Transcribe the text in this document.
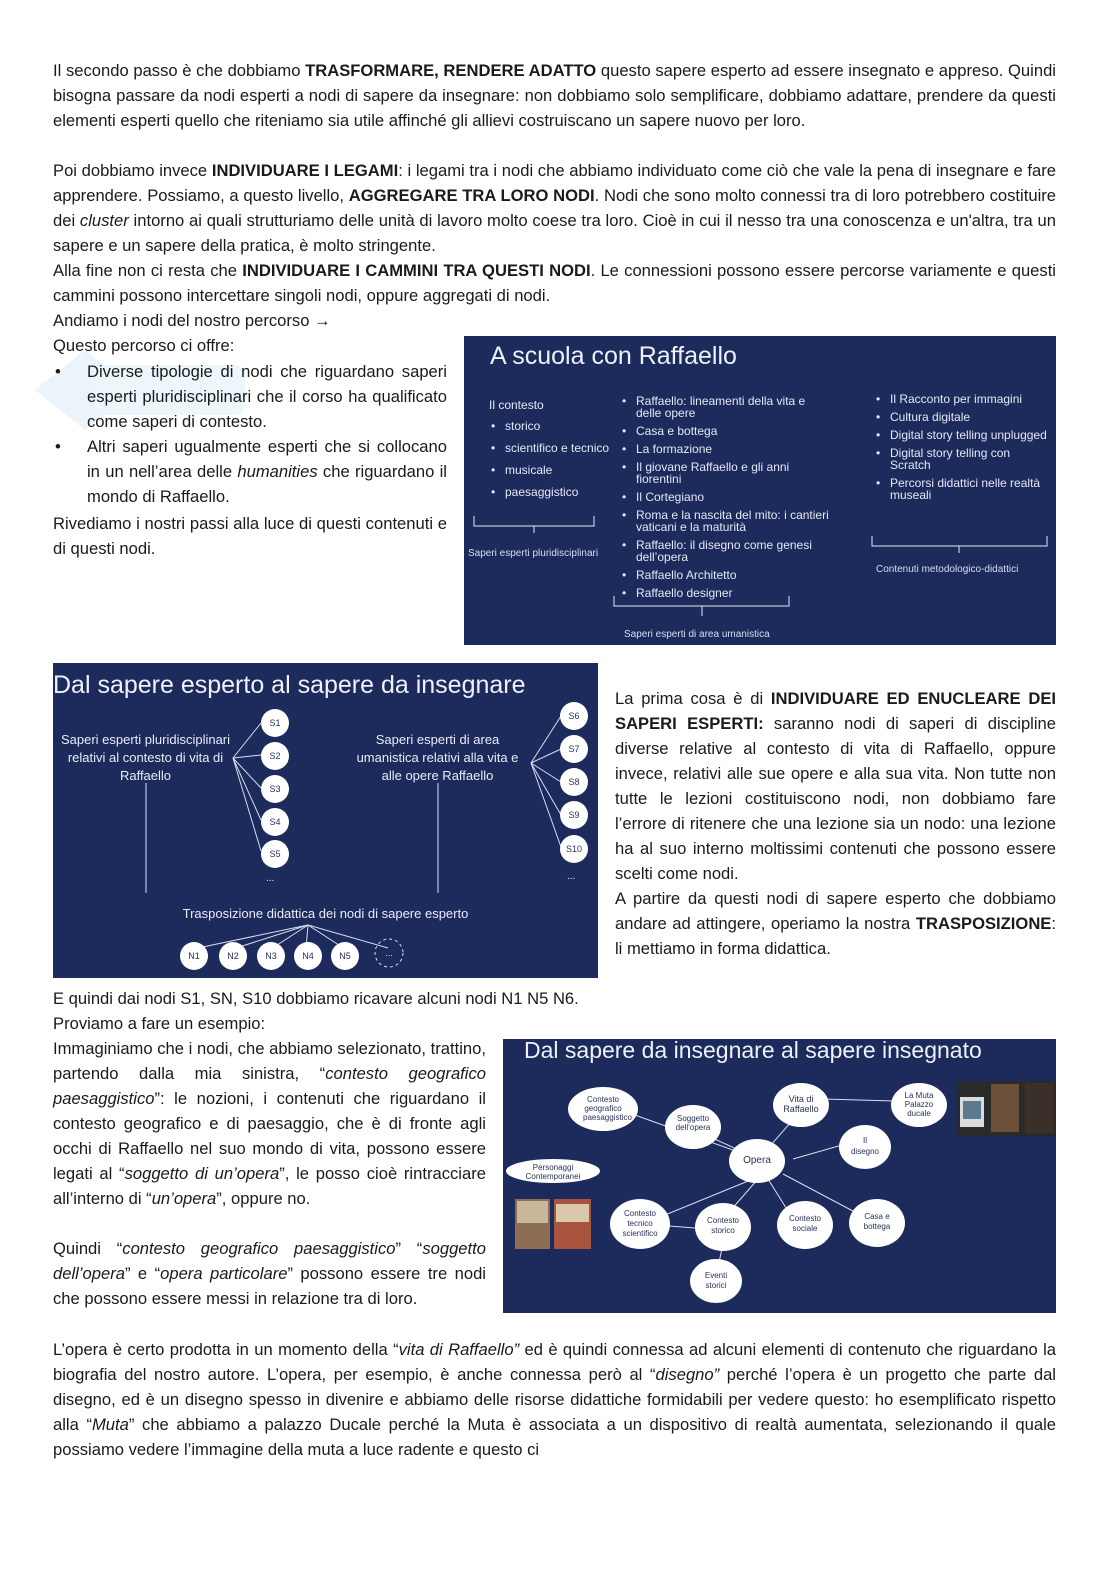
Il secondo passo è che dobbiamo TRASFORMARE, RENDERE ADATTO questo sapere esperto ad essere insegnato e appreso. Quindi bisogna passare da nodi esperti a nodi di sapere da insegnare: non dobbiamo solo semplificare, dobbiamo adattare, prendere da questi elementi esperti quello che riteniamo sia utile affinché gli allievi costruiscano un sapere nuovo per loro.

Poi dobbiamo invece INDIVIDUARE I LEGAMI: i legami tra i nodi che abbiamo individuato come ciò che vale la pena di insegnare e fare apprendere. Possiamo, a questo livello, AGGREGARE TRA LORO NODI. Nodi che sono molto connessi tra di loro potrebbero costituire dei cluster intorno ai quali strutturiamo delle unità di lavoro molto coese tra loro. Cioè in cui il nesso tra una conoscenza e un'altra, tra un sapere e un sapere della pratica, è molto stringente.

Alla fine non ci resta che INDIVIDUARE I CAMMINI TRA QUESTI NODI. Le connessioni possono essere percorse variamente e questi cammini possono intercettare singoli nodi, oppure aggregati di nodi.

Andiamo i nodi del nostro percorso →

Questo percorso ci offre:

• Diverse tipologie di nodi che riguardano saperi esperti pluridisciplinari che il corso ha qualificato come saperi di contesto.
• Altri saperi ugualmente esperti che si collocano in un nell’area delle humanities che riguardano il mondo di Raffaello.

Rivediamo i nostri passi alla luce di questi contenuti e di questi nodi.

A scuola con Raffaello
Il contesto
• storico
• scientifico e tecnico
• musicale
• paesaggistico
Saperi esperti pluridisciplinari
• Raffaello: lineamenti della vita e delle opere
• Casa e bottega
• La formazione
• Il giovane Raffaello e gli anni fiorentini
• Il Cortegiano
• Roma e la nascita del mito: i cantieri vaticani e la maturità
• Raffaello: il disegno come genesi dell’opera
• Raffaello Architetto
• Raffaello designer
Saperi esperti di area umanistica
• Il Racconto per immagini
• Cultura digitale
• Digital story telling unplugged
• Digital story telling con Scratch
• Percorsi didattici nelle realtà museali
Contenuti metodologico-didattici
Dal sapere esperto al sapere da insegnare
Saperi esperti pluridisciplinari relativi al contesto di vita di Raffaello
Saperi esperti di area umanistica relativi alla vita e alle opere Raffaello
S1
S2
S3
S4
S5
S6
S7
S8
S9
S10
...	...
Trasposizione didattica dei nodi di sapere esperto
N1	N2	N3	N4	N5	...

La prima cosa è di INDIVIDUARE ED ENUCLEARE DEI SAPERI ESPERTI: saranno nodi di saperi di discipline diverse relative al contesto di vita di Raffaello, oppure invece, relativi alle sue opere e alla sua vita. Non tutte non tutte le lezioni costituiscono nodi, non dobbiamo fare l’errore di ritenere che una lezione sia un nodo: una lezione ha al suo interno moltissimi contenuti che possono essere scelti come nodi.

A partire da questi nodi di sapere esperto che dobbiamo andare ad attingere, operiamo la nostra TRASPOSIZIONE: li mettiamo in forma didattica.

E quindi dai nodi S1, SN, S10 dobbiamo ricavare alcuni nodi N1 N5 N6.

Proviamo a fare un esempio:

Immaginiamo che i nodi, che abbiamo selezionato, trattino, partendo dalla mia sinistra, “contesto geografico paesaggistico”: le nozioni, i contenuti che riguardano il contesto geografico e di paesaggio, che è di fronte agli occhi di Raffaello nel suo mondo di vita, possono essere legati al “soggetto di un’opera”, le posso cioè rintracciare all’interno di “un’opera”, oppure no.

Quindi “contesto geografico paesaggistico” “soggetto dell’opera” e “opera particolare” possono essere tre nodi che possono essere messi in relazione tra di loro.

Dal sapere da insegnare al sapere insegnato
Contesto geografico paesaggistico	Soggetto dell’opera
Vita di Raffaello
La Muta Palazzo ducale
Il disegno
Opera
Personaggi Contemporanei
Contesto tecnico scientifico
Contesto storico
Contesto sociale
Casa e bottega
Eventi storici

L’opera è certo prodotta in un momento della “vita di Raffaello” ed è quindi connessa ad alcuni elementi di contenuto che riguardano la biografia del nostro autore. L’opera, per esempio, è anche connessa però al “disegno” perché l’opera è un progetto che parte dal disegno, ed è un disegno spesso in divenire e abbiamo delle risorse didattiche formidabili per vedere questo: ho esemplificato rispetto alla “Muta” che abbiamo a palazzo Ducale perché la Muta è associata a un dispositivo di realtà aumentata, selezionando il quale possiamo vedere l’immagine della muta a luce radente e questo ci
